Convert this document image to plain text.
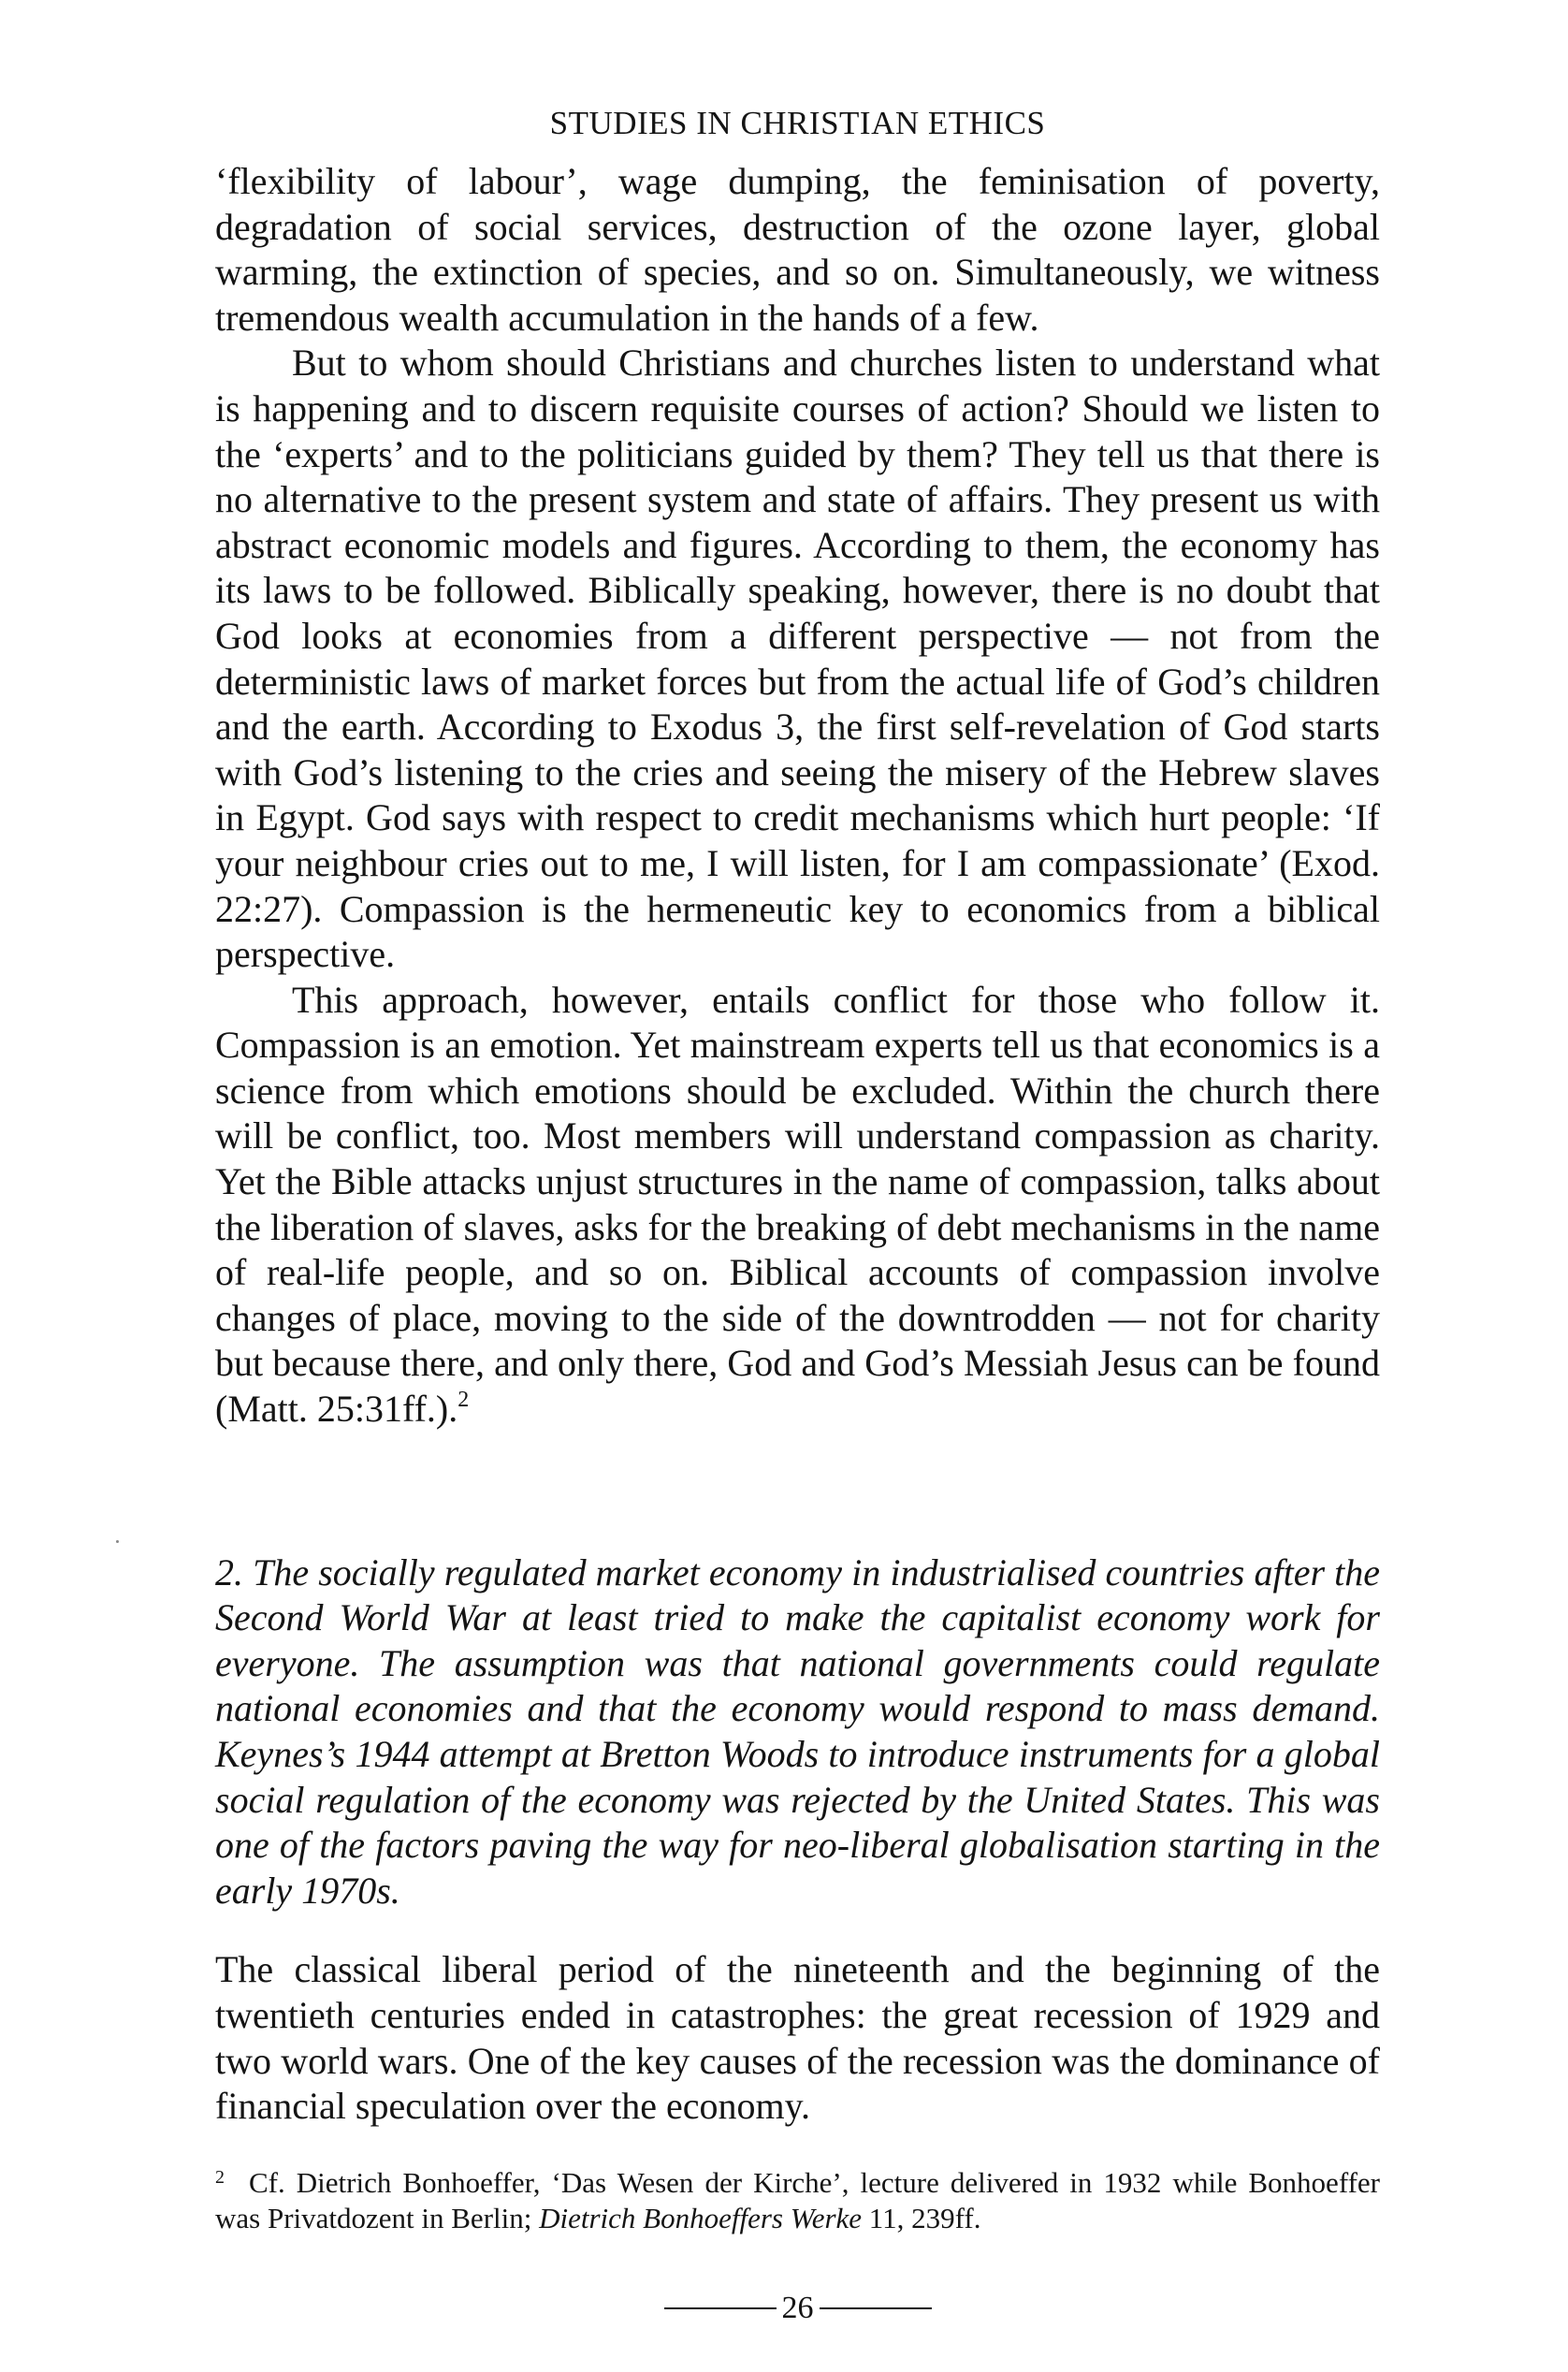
STUDIES IN CHRISTIAN ETHICS

‘flexibility of labour’, wage dumping, the feminisation of poverty, degradation of social services, destruction of the ozone layer, global warming, the extinction of species, and so on. Simultaneously, we witness tremendous wealth accumulation in the hands of a few.

But to whom should Christians and churches listen to understand what is happening and to discern requisite courses of action? Should we listen to the ‘experts’ and to the politicians guided by them? They tell us that there is no alternative to the present system and state of affairs. They present us with abstract economic models and figures. According to them, the economy has its laws to be followed. Biblically speaking, however, there is no doubt that God looks at economies from a different perspective — not from the deterministic laws of market forces but from the actual life of God’s children and the earth. According to Exodus 3, the first self-revelation of God starts with God’s listening to the cries and seeing the misery of the Hebrew slaves in Egypt. God says with respect to credit mechanisms which hurt people: ‘If your neighbour cries out to me, I will listen, for I am compassionate’ (Exod. 22:27). Compassion is the hermeneutic key to economics from a biblical perspective.

This approach, however, entails conflict for those who follow it. Compassion is an emotion. Yet mainstream experts tell us that economics is a science from which emotions should be excluded. Within the church there will be conflict, too. Most members will understand compassion as charity. Yet the Bible attacks unjust structures in the name of compassion, talks about the liberation of slaves, asks for the breaking of debt mechanisms in the name of real-life people, and so on. Biblical accounts of compassion involve changes of place, moving to the side of the downtrodden — not for charity but because there, and only there, God and God’s Messiah Jesus can be found (Matt. 25:31ff.).$^2$

2. The socially regulated market economy in industrialised countries after the Second World War at least tried to make the capitalist economy work for everyone. The assumption was that national governments could regulate national economies and that the economy would respond to mass demand. Keynes’s 1944 attempt at Bretton Woods to introduce instruments for a global social regulation of the economy was rejected by the United States. This was one of the factors paving the way for neo-liberal globalisation starting in the early 1970s.

The classical liberal period of the nineteenth and the beginning of the twentieth centuries ended in catastrophes: the great recession of 1929 and two world wars. One of the key causes of the recession was the dominance of financial speculation over the economy.

$^2$ Cf. Dietrich Bonhoeffer, ‘Das Wesen der Kirche’, lecture delivered in 1932 while Bonhoeffer was Privatdozent in Berlin; Dietrich Bonhoeffers Werke 11, 239ff.

26
